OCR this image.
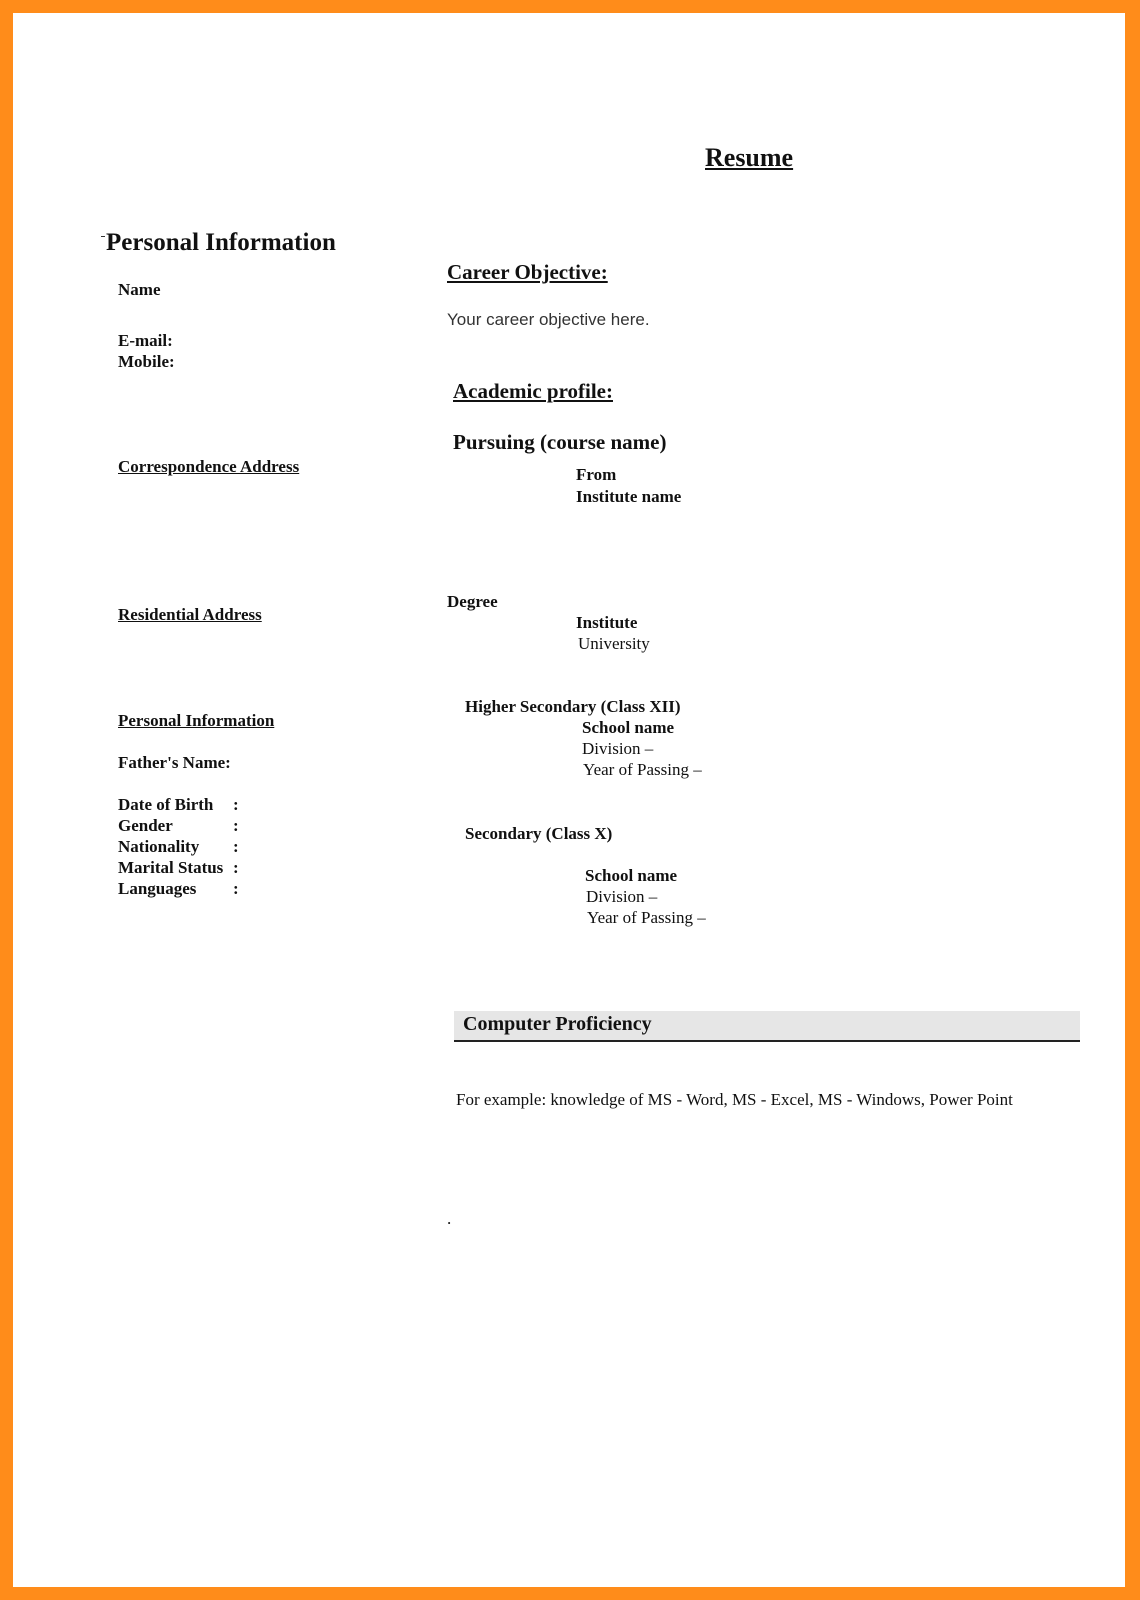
Resume
Personal Information
Name
E-mail:
Mobile:
Correspondence Address
Residential Address
Personal Information
Father's Name:
Date of Birth :
Gender	:
Nationality :
Marital Status :
Languages :
Career Objective:
Your career objective here.
Academic profile:
Pursuing (course name)
From
Institute name
Degree
Institute
University
Higher Secondary (Class XII)
School name
Division –
Year of Passing –
Secondary (Class X)
School name
Division –
Year of Passing –
Computer Proficiency
For example: knowledge of MS - Word, MS - Excel, MS - Windows, Power Point
.
